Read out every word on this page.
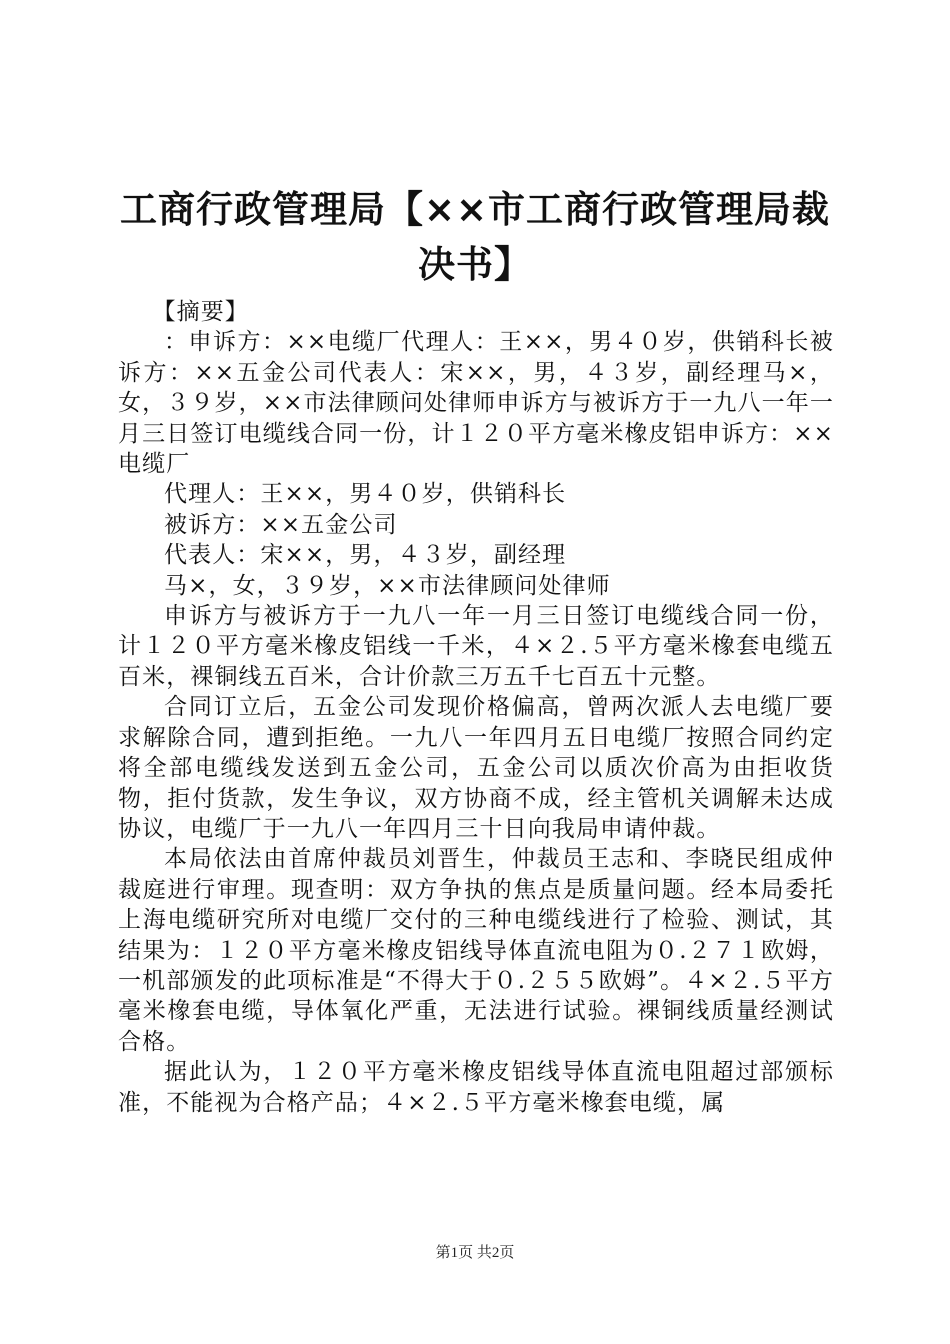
工商行政管理局【××市工商行政管理局裁决书】

【摘要】

：申诉方：××电缆厂代理人：王××，男４０岁，供销科长被诉方：××五金公司代表人：宋××，男，４３岁，副经理马×，女，３９岁，××市法律顾问处律师申诉方与被诉方于一九八一年一月三日签订电缆线合同一份，计１２０平方毫米橡皮铝申诉方：××电缆厂

代理人：王××，男４０岁，供销科长

被诉方：××五金公司

代表人：宋××，男，４３岁，副经理

马×，女，３９岁，××市法律顾问处律师

申诉方与被诉方于一九八一年一月三日签订电缆线合同一份，计１２０平方毫米橡皮铝线一千米，４×２.５平方毫米橡套电缆五百米，裸铜线五百米，合计价款三万五千七百五十元整。

合同订立后，五金公司发现价格偏高，曾两次派人去电缆厂要求解除合同，遭到拒绝。一九八一年四月五日电缆厂按照合同约定将全部电缆线发送到五金公司，五金公司以质次价高为由拒收货物，拒付货款，发生争议，双方协商不成，经主管机关调解未达成协议，电缆厂于一九八一年四月三十日向我局申请仲裁。

本局依法由首席仲裁员刘晋生，仲裁员王志和、李晓民组成仲裁庭进行审理。现查明：双方争执的焦点是质量问题。经本局委托上海电缆研究所对电缆厂交付的三种电缆线进行了检验、测试，其结果为：１２０平方毫米橡皮铝线导体直流电阻为０.２７１欧姆，一机部颁发的此项标准是“不得大于０.２５５欧姆”。４×２.５平方毫米橡套电缆，导体氧化严重，无法进行试验。裸铜线质量经测试合格。

据此认为，１２０平方毫米橡皮铝线导体直流电阻超过部颁标准，不能视为合格产品；４×２.５平方毫米橡套电缆，属

第1页 共2页
